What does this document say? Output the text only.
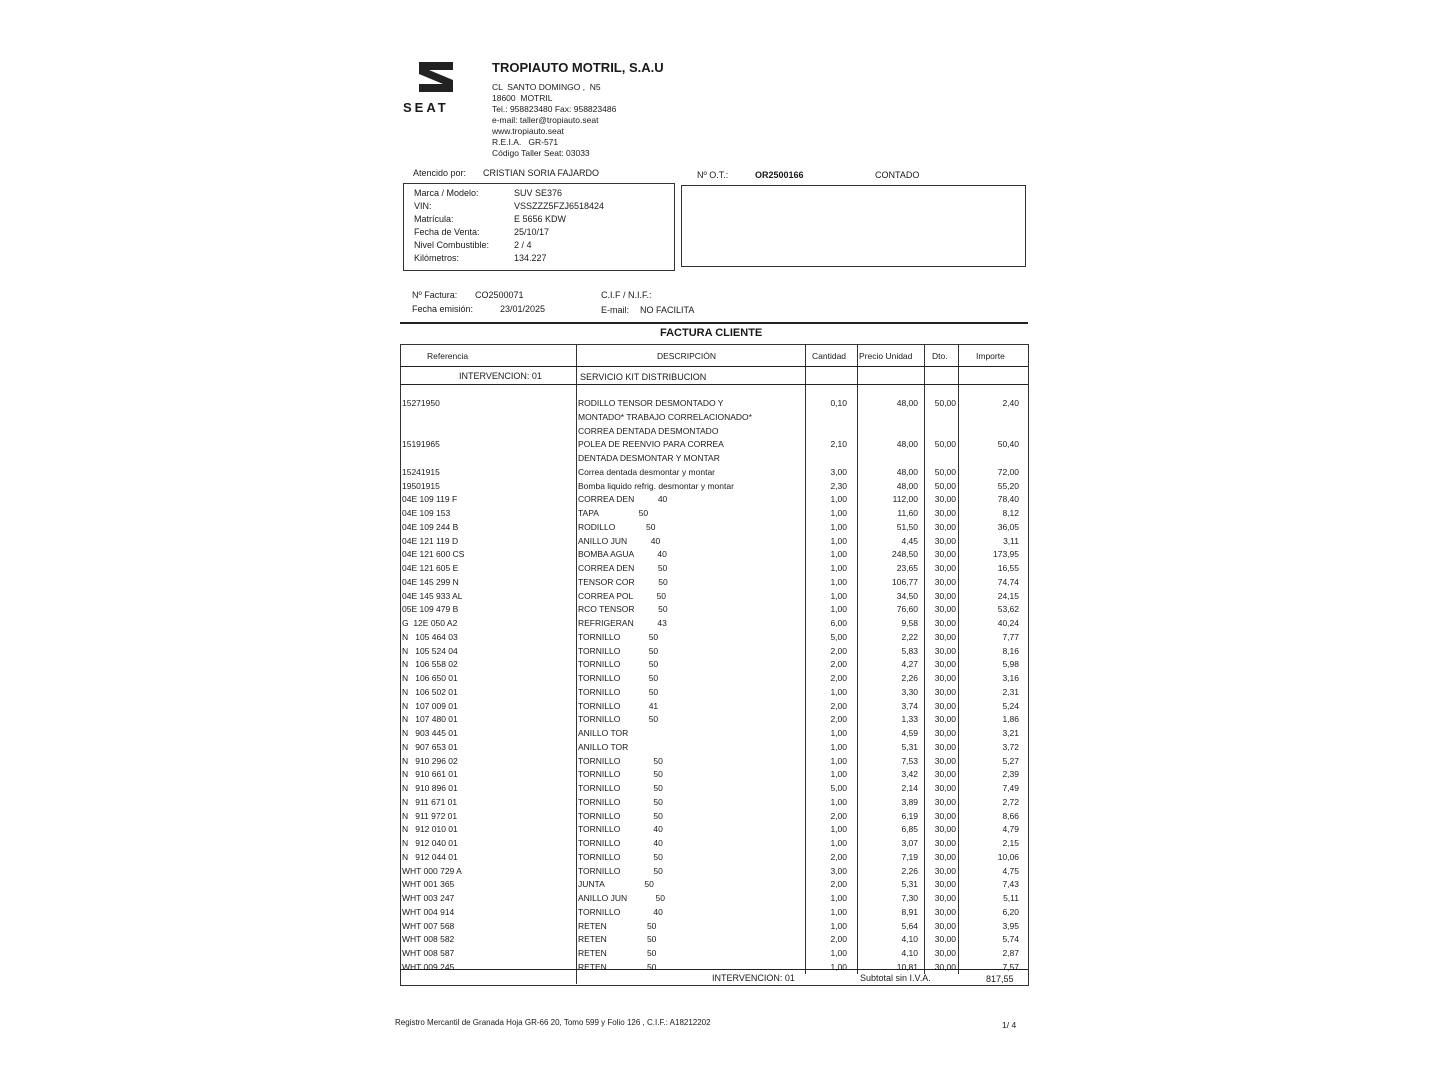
SEAT
TROPIAUTO MOTRIL, S.A.U
CL  SANTO DOMINGO ,  N5
18600  MOTRIL
Tel.: 958823480 Fax: 958823486
e-mail: taller@tropiauto.seat
www.tropiauto.seat
R.E.I.A.   GR-571
Código Taller Seat: 03033
Atencido por: CRISTIAN SORIA FAJARDO	Nº O.T.:	OR2500166	CONTADO
Marca / Modelo:	SUV SE376
VIN:	VSSZZZ5FZJ6518424
Matrícula:	E 5656 KDW
Fecha de Venta:	25/10/17
Nivel Combustible:	2 / 4
Kilómetros:	134.227
Nº Factura: CO2500071
Fecha emisión:	23/01/2025
C.I.F / N.I.F.:
E-mail: NO FACILITA
FACTURA CLIENTE
Referencia	DESCRIPCIÓN	Cantidad Precio Unidad Dto.	Importe
INTERVENCION: 01	SERVICIO KIT DISTRIBUCION
15271950	RODILLO TENSOR DESMONTADO Y	0,10	48,00 50,00	2,40
MONTADO* TRABAJO CORRELACIONADO*
CORREA DENTADA DESMONTADO
15191965	POLEA DE REENVIO PARA CORREA	2,10	48,00 50,00	50,40
DENTADA DESMONTAR Y MONTAR
15241915	Correa dentada desmontar y montar	3,00	48,00 50,00	72,00
19501915	Bomba liquido refrig. desmontar y montar	2,30	48,00 50,00	55,20
04E 109 119 F	CORREA DEN          40	1,00	112,00 30,00	78,40
04E 109 153	TAPA                 50	1,00	11,60 30,00	8,12
04E 109 244 B	RODILLO             50	1,00	51,50 30,00	36,05
04E 121 119 D	ANILLO JUN          40	1,00	4,45 30,00	3,11
04E 121 600 CS	BOMBA AGUA          40	1,00	248,50 30,00	173,95
04E 121 605 E	CORREA DEN          50	1,00	23,65 30,00	16,55
04E 145 299 N	TENSOR COR          50	1,00	106,77 30,00	74,74
04E 145 933 AL	CORREA POL          50	1,00	34,50 30,00	24,15
05E 109 479 B	RCO TENSOR          50	1,00	76,60 30,00	53,62
G  12E 050 A2	REFRIGERAN          43	6,00	9,58 30,00	40,24
N   105 464 03	TORNILLO            50	5,00	2,22 30,00	7,77
N   105 524 04	TORNILLO            50	2,00	5,83 30,00	8,16
N   106 558 02	TORNILLO            50	2,00	4,27 30,00	5,98
N   106 650 01	TORNILLO            50	2,00	2,26 30,00	3,16
N   106 502 01	TORNILLO            50	1,00	3,30 30,00	2,31
N   107 009 01	TORNILLO            41	2,00	3,74 30,00	5,24
N   107 480 01	TORNILLO            50	2,00	1,33 30,00	1,86
N   903 445 01	ANILLO TOR	1,00	4,59 30,00	3,21
N   907 653 01	ANILLO TOR	1,00	5,31 30,00	3,72
N   910 296 02	TORNILLO              50	1,00	7,53 30,00	5,27
N   910 661 01	TORNILLO              50	1,00	3,42 30,00	2,39
N   910 896 01	TORNILLO              50	5,00	2,14 30,00	7,49
N   911 671 01	TORNILLO              50	1,00	3,89 30,00	2,72
N   911 972 01	TORNILLO              50	2,00	6,19 30,00	8,66
N   912 010 01	TORNILLO              40	1,00	6,85 30,00	4,79
N   912 040 01	TORNILLO              40	1,00	3,07 30,00	2,15
N   912 044 01	TORNILLO              50	2,00	7,19 30,00	10,06
WHT 000 729 A	TORNILLO              50	3,00	2,26 30,00	4,75
WHT 001 365	JUNTA                 50	2,00	5,31 30,00	7,43
WHT 003 247	ANILLO JUN            50	1,00	7,30 30,00	5,11
WHT 004 914	TORNILLO              40	1,00	8,91 30,00	6,20
WHT 007 568	RETEN                 50	1,00	5,64 30,00	3,95
WHT 008 582	RETEN                 50	2,00	4,10 30,00	5,74
WHT 008 587	RETEN                 50	1,00	4,10 30,00	2,87
WHT 009 245	RETEN                 50	1,00	10,81 30,00	7,57
INTERVENCION: 01	Subtotal sin I.V.A.	817,55
Registro Mercantil de Granada Hoja GR-66 20, Tomo 599 y Folio 126 , C.I.F.: A18212202	1/ 4
